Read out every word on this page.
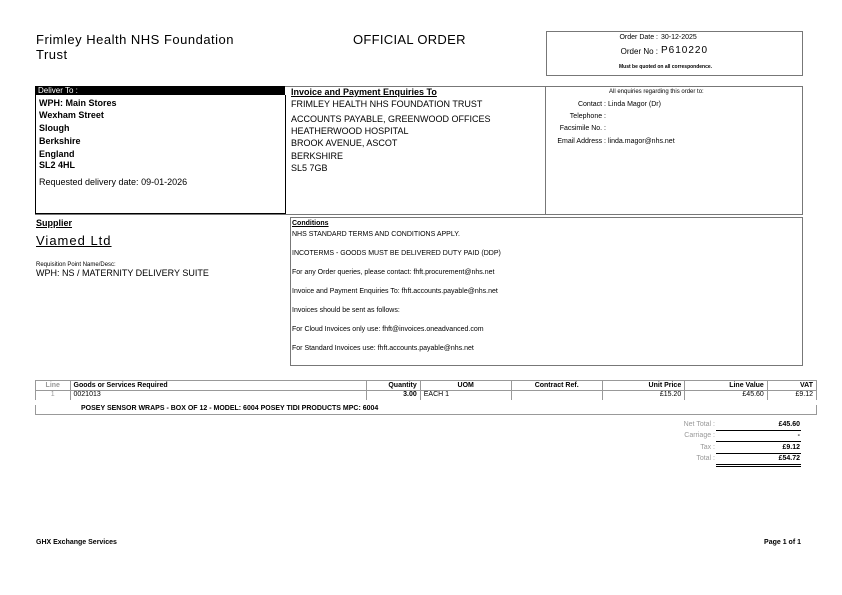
Frimley Health NHS Foundation
Trust
OFFICIAL ORDER	Order Date : 30-12-2025
Order No : P610220
Must be quoted on all correspondence.
Deliver To :
WPH: Main Stores
Wexham Street
Slough
Berkshire
England
SL2 4HL
Requested delivery date: 09-01-2026
Invoice and Payment Enquiries To
FRIMLEY HEALTH NHS FOUNDATION TRUST
ACCOUNTS PAYABLE, GREENWOOD OFFICES
HEATHERWOOD HOSPITAL
BROOK AVENUE, ASCOT
BERKSHIRE
SL5 7GB
All enquiries regarding this order to:
Contact : Linda Magor (Dr)
Telephone :
Facsimile No. :
Email Address : linda.magor@nhs.net
Supplier
Viamed Ltd
Requisition Point Name/Desc:
WPH: NS / MATERNITY DELIVERY SUITE
Conditions
NHS STANDARD TERMS AND CONDITIONS APPLY.
INCOTERMS - GOODS MUST BE DELIVERED DUTY PAID (DDP)
For any Order queries, please contact: fhft.procurement@nhs.net
Invoice and Payment Enquiries To: fhft.accounts.payable@nhs.net
Invoices should be sent as follows:
For Cloud Invoices only use: fhft@invoices.oneadvanced.com
For Standard Invoices use: fhft.accounts.payable@nhs.net
Line	Goods or Services Required	Quantity	UOM	Contract Ref.	Unit Price	Line Value	VAT
1	0021013	3.00	EACH 1		£15.20	£45.60	£9.12
POSEY SENSOR WRAPS - BOX OF 12 - MODEL: 6004 POSEY TIDI PRODUCTS MPC: 6004
Net Total :	£45.60
Carriage :	-
Tax :	£9.12
Total :	£54.72
GHX Exchange Services	Page 1 of 1
